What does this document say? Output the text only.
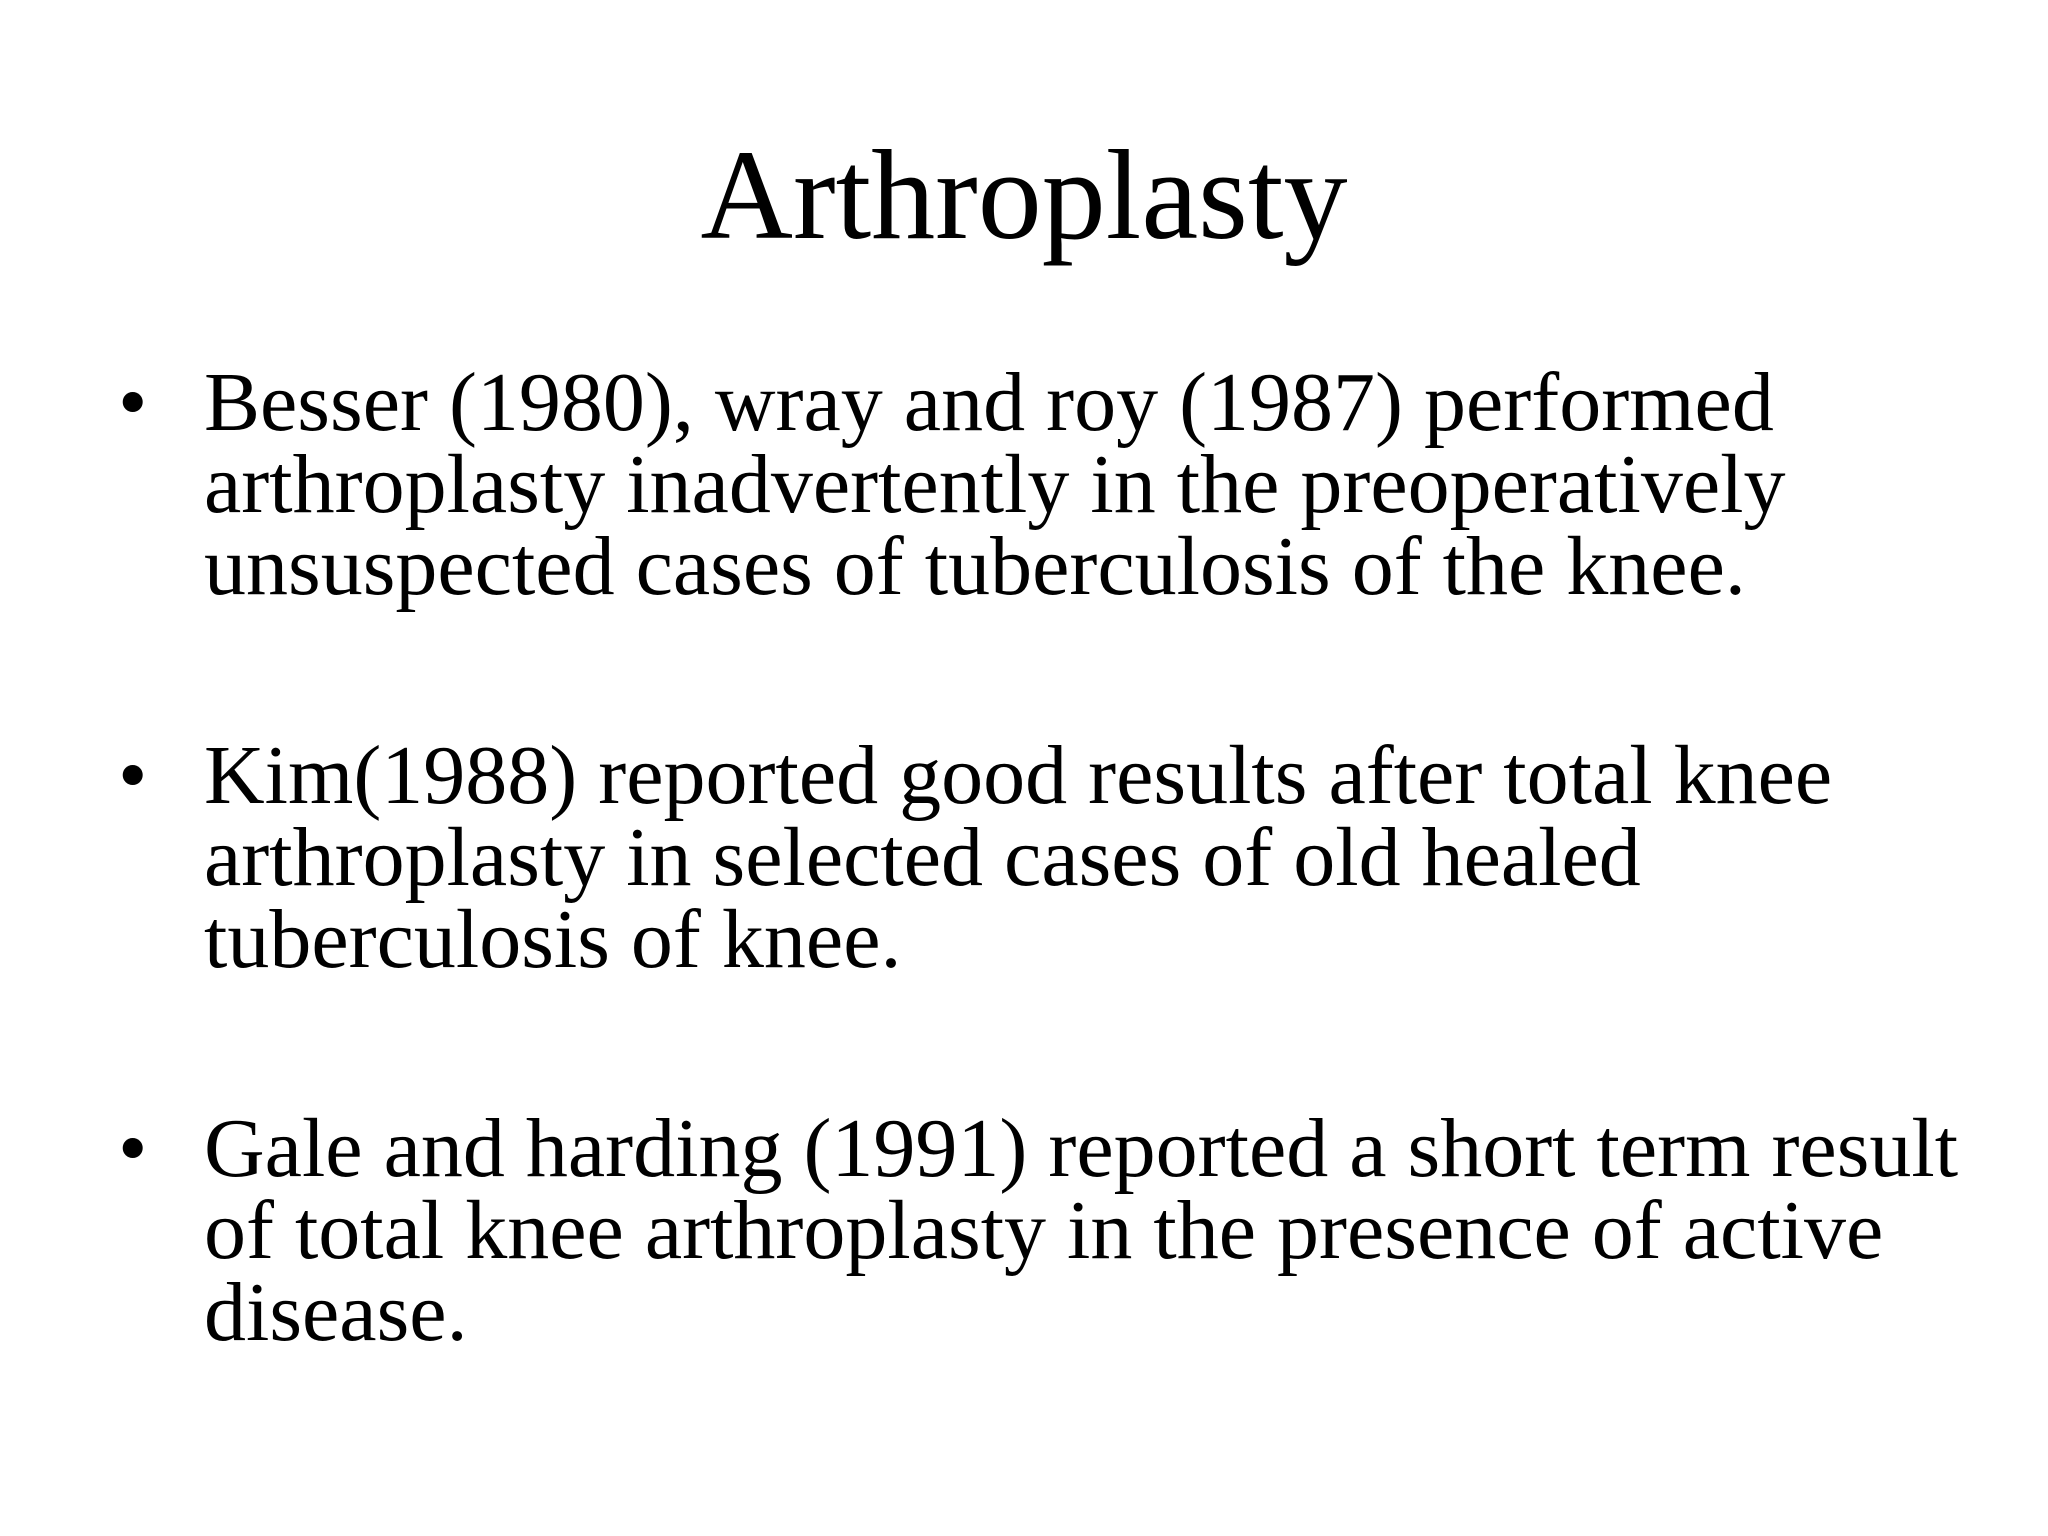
Arthroplasty
• Besser (1980), wray and roy (1987) performed arthroplasty inadvertently in the preoperatively unsuspected cases of tuberculosis of the knee.
• Kim(1988) reported good results after total knee arthroplasty in selected cases of old healed tuberculosis of knee.
• Gale and harding (1991) reported a short term result of total knee arthroplasty in the presence of active disease.
